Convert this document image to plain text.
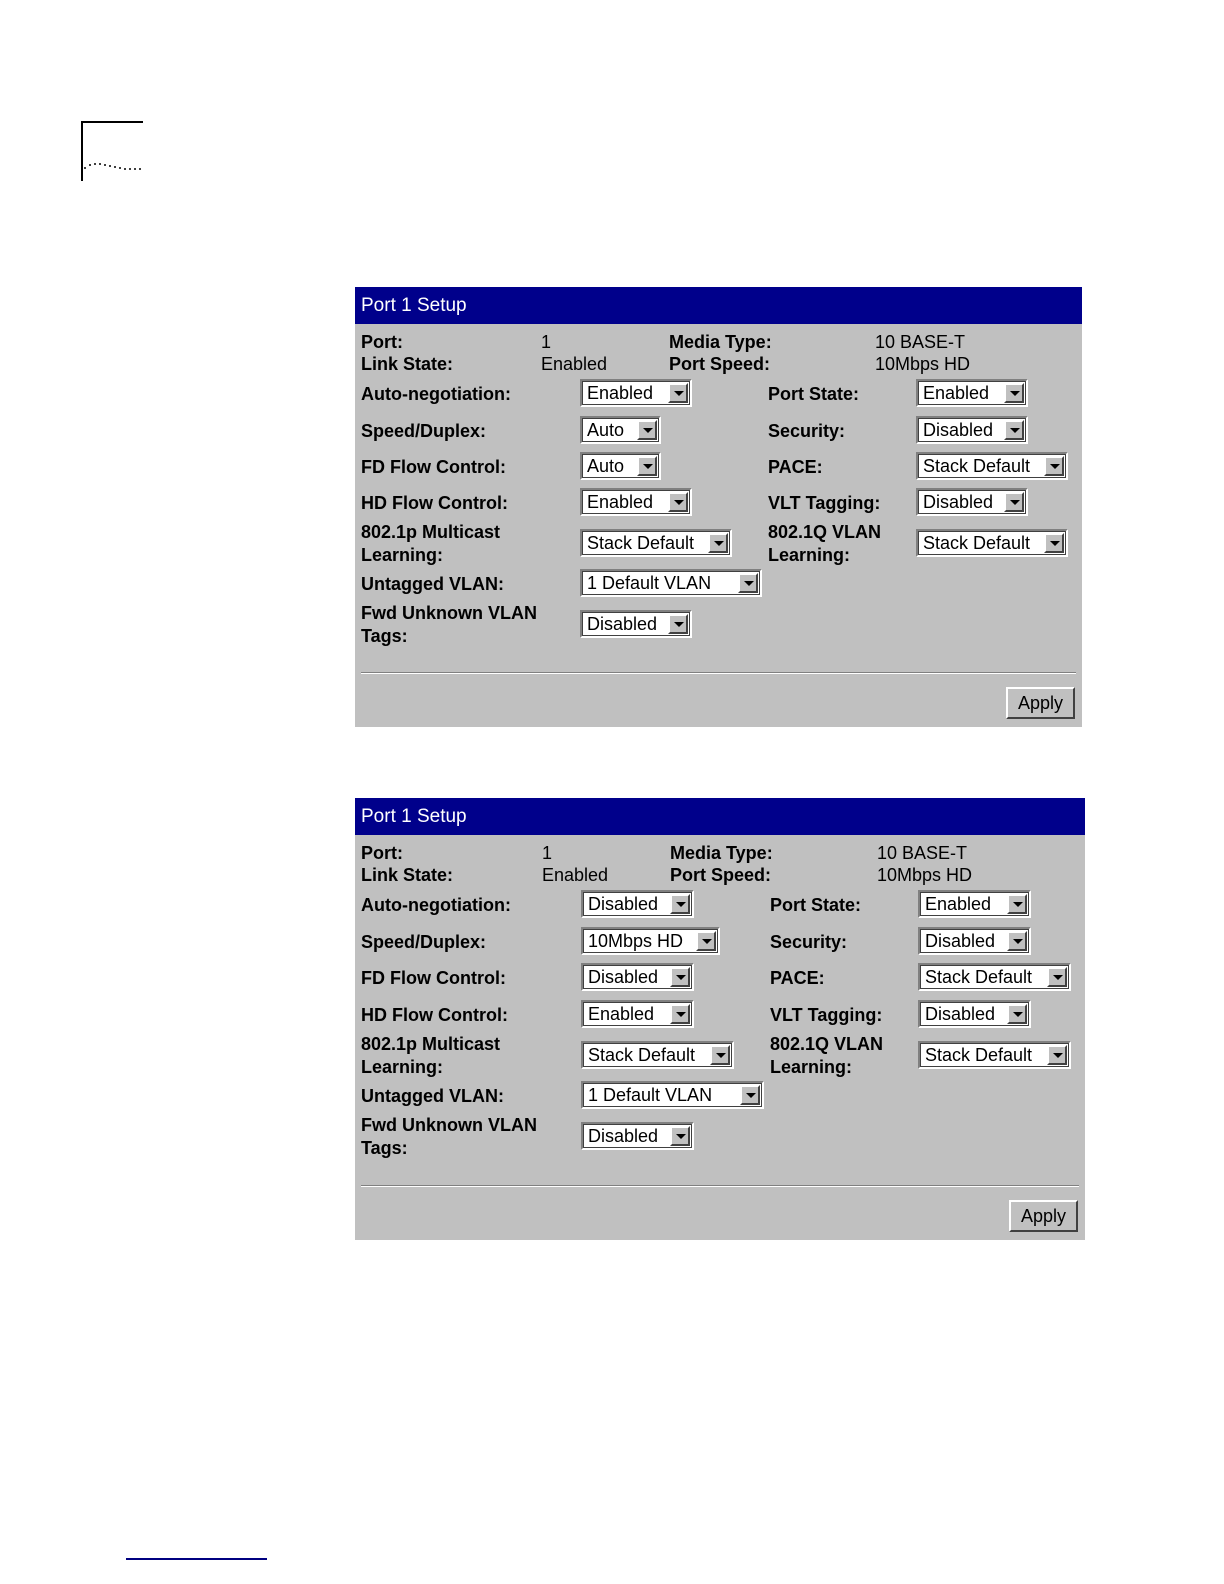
Port 1 Setup
Port:	1	Media Type:	10 BASE-T
Link State:	Enabled	Port Speed:	10Mbps HD
Auto-negotiation:	Enabled	Port State:	Enabled
Speed/Duplex:	Auto	Security:	Disabled
FD Flow Control:	Auto	PACE:	Stack Default
HD Flow Control:	Enabled	VLT Tagging: Disabled
802.1p Multicast
Learning:
Stack Default
802.1Q VLAN
Learning:
Stack Default
Untagged VLAN:	1 Default VLAN
Fwd Unknown VLAN
Tags:
Disabled
Apply
Port 1 Setup
Port:	1	Media Type:	10 BASE-T
Link State:	Enabled	Port Speed:	10Mbps HD
Auto-negotiation:	Disabled	Port State:	Enabled
Speed/Duplex:	10Mbps HD	Security:	Disabled
FD Flow Control:	Disabled	PACE:	Stack Default
HD Flow Control:	Enabled	VLT Tagging: Disabled
802.1p Multicast
Learning:
Stack Default
802.1Q VLAN
Learning:
Stack Default
Untagged VLAN:	1 Default VLAN
Fwd Unknown VLAN
Tags:
Disabled
Apply
